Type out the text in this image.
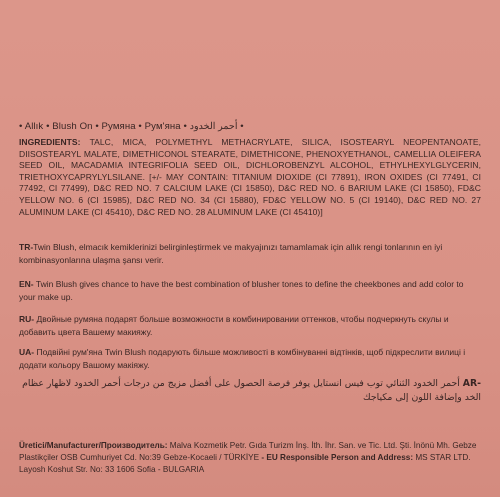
• Allık • Blush On • Румяна • Рум'яна • أحمر الخدود •
INGREDIENTS: TALC, MICA, POLYMETHYL METHACRYLATE, SILICA, ISOSTEARYL NEOPENTANOATE, DIISOSTEARYL MALATE, DIMETHICONOL STEARATE, DIMETHICONE, PHENOXYETHANOL, CAMELLIA OLEIFERA SEED OIL, MACADAMIA INTEGRIFOLIA SEED OIL, DICHLOROBENZYL ALCOHOL, ETHYLHEXYLGLYCERIN, TRIETHOXYCAPRYLYLSILANE. [+/- MAY CONTAIN: TITANIUM DIOXIDE (CI 77891), IRON OXIDES (CI 77491, CI 77492, CI 77499), D&C RED NO. 7 CALCIUM LAKE (CI 15850), D&C RED NO. 6 BARIUM LAKE (CI 15850), FD&C YELLOW NO. 6 (CI 15985), D&C RED NO. 34 (CI 15880), FD&C YELLOW NO. 5 (CI 19140), D&C RED NO. 27 ALUMINUM LAKE (CI 45410), D&C RED NO. 28 ALUMINUM LAKE (CI 45410)]
TR-Twin Blush, elmacık kemiklerinizi belirginleştirmek ve makyajınızı tamamlamak için allık rengi tonlarının en iyi kombinasyonlarına ulaşma şansı verir.
EN- Twin Blush gives chance to have the best combination of blusher tones to define the cheekbones and add color to your make up.
RU- Двойные румяна подарят больше возможности в комбинировании оттенков, чтобы подчеркнуть скулы и добавить цвета Вашему макияжу.
UA- Подвійні рум'яна Twin Blush подарують більше можливості в комбінуванні відтінків, щоб підкреслити вилиці і додати кольору Вашому макіяжу.
AR- أحمر الخدود الثنائي توب فيس انستايل يوفر فرصة الحصول على أفضل مزيج من درجات أحمر الخدود لاظهار عظام الخد وإضافة اللون إلى مكياجك
Üretici/Manufacturer/Производитель: Malva Kozmetik Petr. Gıda Turizm İnş. İth. İhr. San. ve Tic. Ltd. Şti. İnönü Mh. Gebze Plastikçiler OSB Cumhuriyet Cd. No:39 Gebze-Kocaeli / TÜRKİYE - EU Responsible Person and Address: MS STAR LTD. Layosh Koshut Str. No: 33 1606 Sofia - BULGARIA
